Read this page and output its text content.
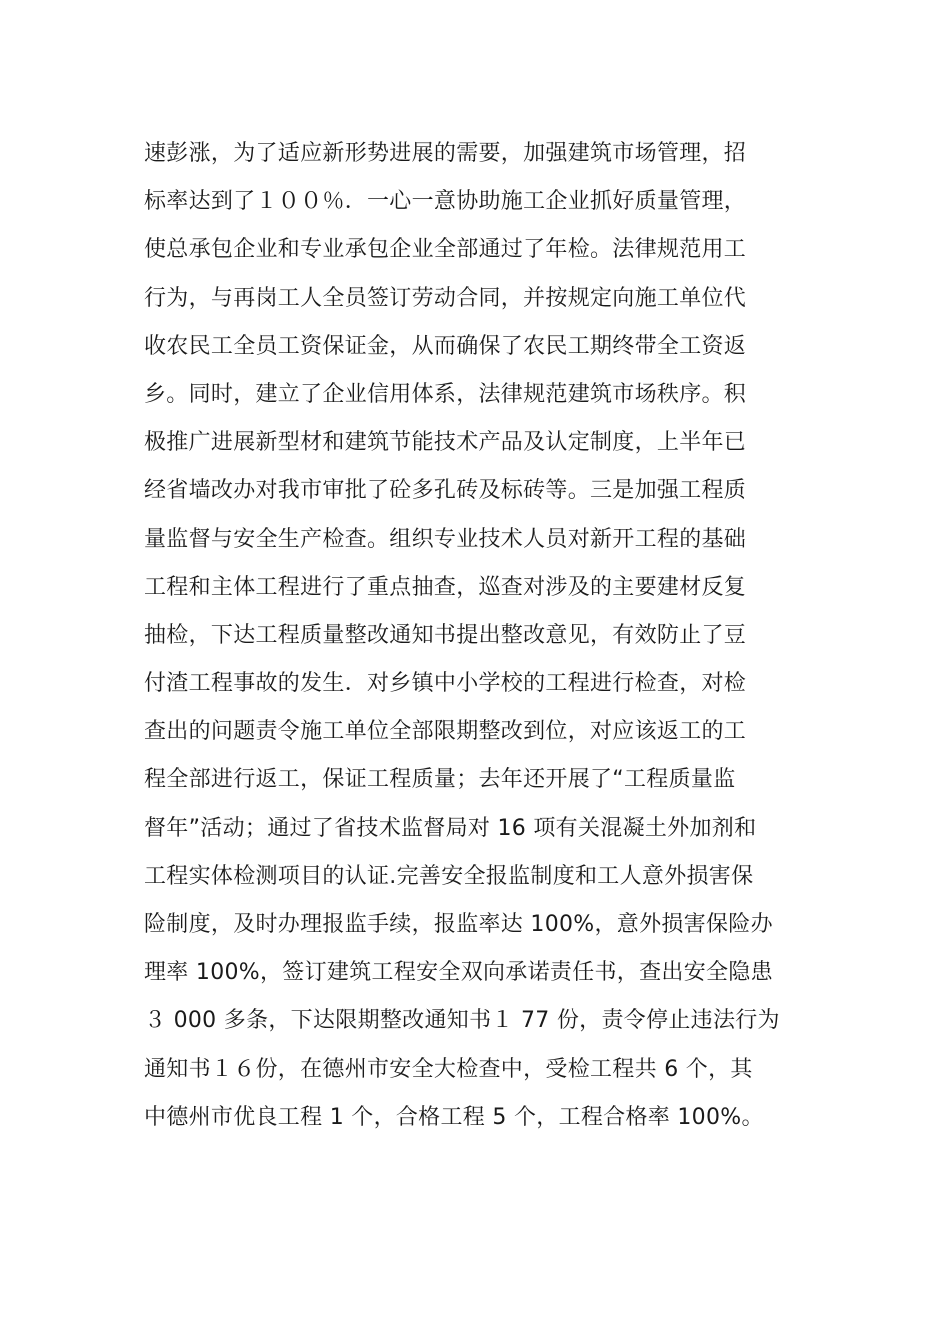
速彭涨，为了适应新形势进展的需要，加强建筑市场管理，招
标率达到了１００％．一心一意协助施工企业抓好质量管理，
使总承包企业和专业承包企业全部通过了年检。法律规范用工
行为，与再岗工人全员签订劳动合同，并按规定向施工单位代
收农民工全员工资保证金，从而确保了农民工期终带全工资返
乡。同时，建立了企业信用体系，法律规范建筑市场秩序。积
极推广进展新型材和建筑节能技术产品及认定制度，上半年已
经省墙改办对我市审批了砼多孔砖及标砖等。三是加强工程质
量监督与安全生产检查。组织专业技术人员对新开工程的基础
工程和主体工程进行了重点抽查，巡查对涉及的主要建材反复
抽检，下达工程质量整改通知书提出整改意见，有效防止了豆
付渣工程事故的发生．对乡镇中小学校的工程进行检查，对检
查出的问题责令施工单位全部限期整改到位，对应该返工的工
程全部进行返工，保证工程质量；去年还开展了“工程质量监
督年”活动；通过了省技术监督局对 16 项有关混凝土外加剂和
工程实体检测项目的认证.完善安全报监制度和工人意外损害保
险制度，及时办理报监手续，报监率达 100%，意外损害保险办
理率 100%，签订建筑工程安全双向承诺责任书，查出安全隐患
３ 000 多条，下达限期整改通知书１ 77 份，责令停止违法行为
通知书１６份，在德州市安全大检查中，受检工程共 6 个，其
中德州市优良工程 1 个，合格工程 5 个，工程合格率 100%。
